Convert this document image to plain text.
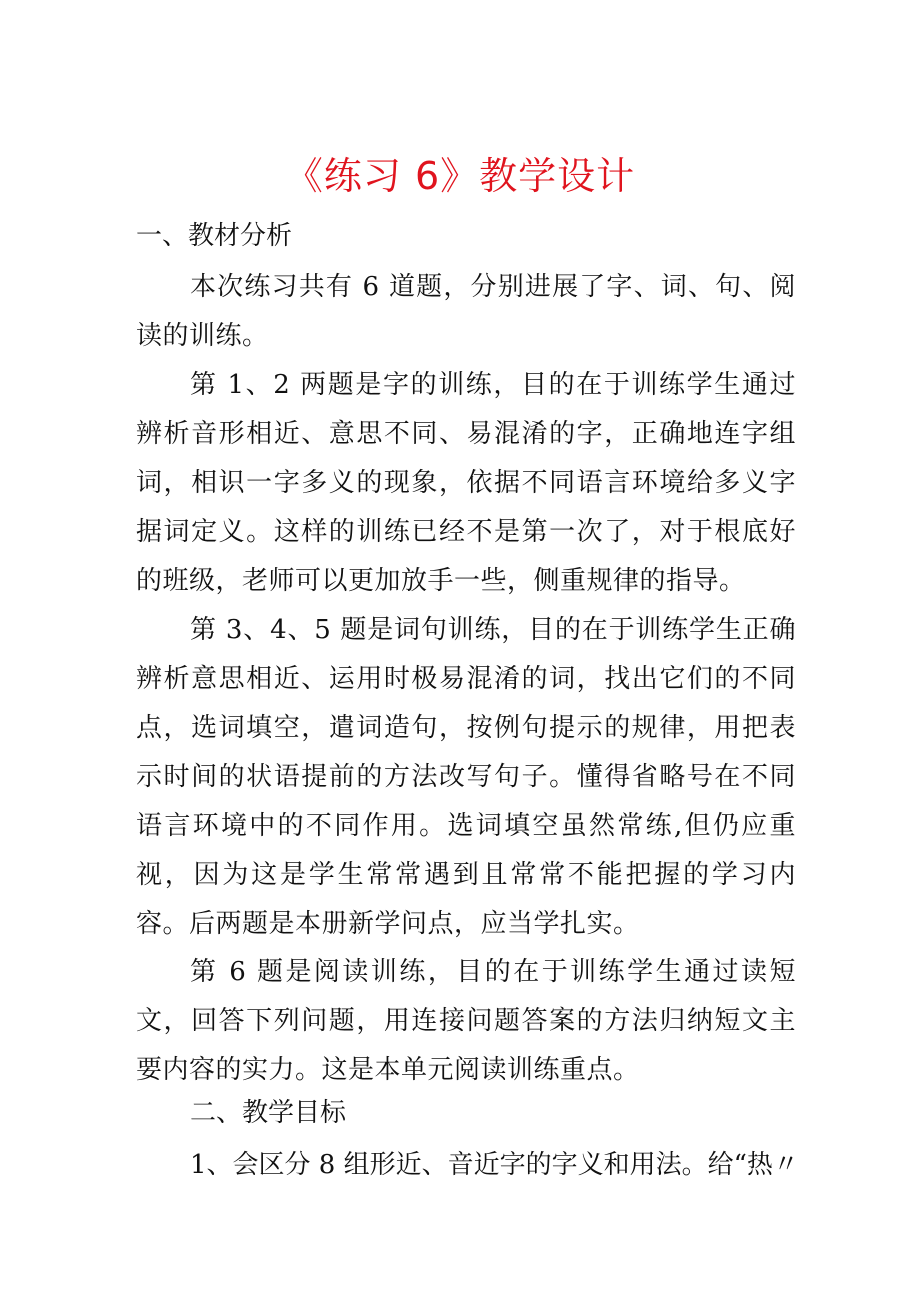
《练习 6》教学设计
一、教材分析

本次练习共有 6 道题，分别进展了字、词、句、阅读的训练。

第 1、2 两题是字的训练，目的在于训练学生通过辨析音形相近、意思不同、易混淆的字，正确地连字组词，相识一字多义的现象，依据不同语言环境给多义字据词定义。这样的训练已经不是第一次了，对于根底好的班级，老师可以更加放手一些，侧重规律的指导。

第 3、4、5 题是词句训练，目的在于训练学生正确辨析意思相近、运用时极易混淆的词，找出它们的不同点，选词填空，遣词造句，按例句提示的规律，用把表示时间的状语提前的方法改写句子。懂得省略号在不同语言环境中的不同作用。选词填空虽然常练,但仍应重视，因为这是学生常常遇到且常常不能把握的学习内容。后两题是本册新学问点，应当学扎实。

第 6 题是阅读训练，目的在于训练学生通过读短文，回答下列问题，用连接问题答案的方法归纳短文主要内容的实力。这是本单元阅读训练重点。

二、教学目标

1、会区分 8 组形近、音近字的字义和用法。给“热〃
